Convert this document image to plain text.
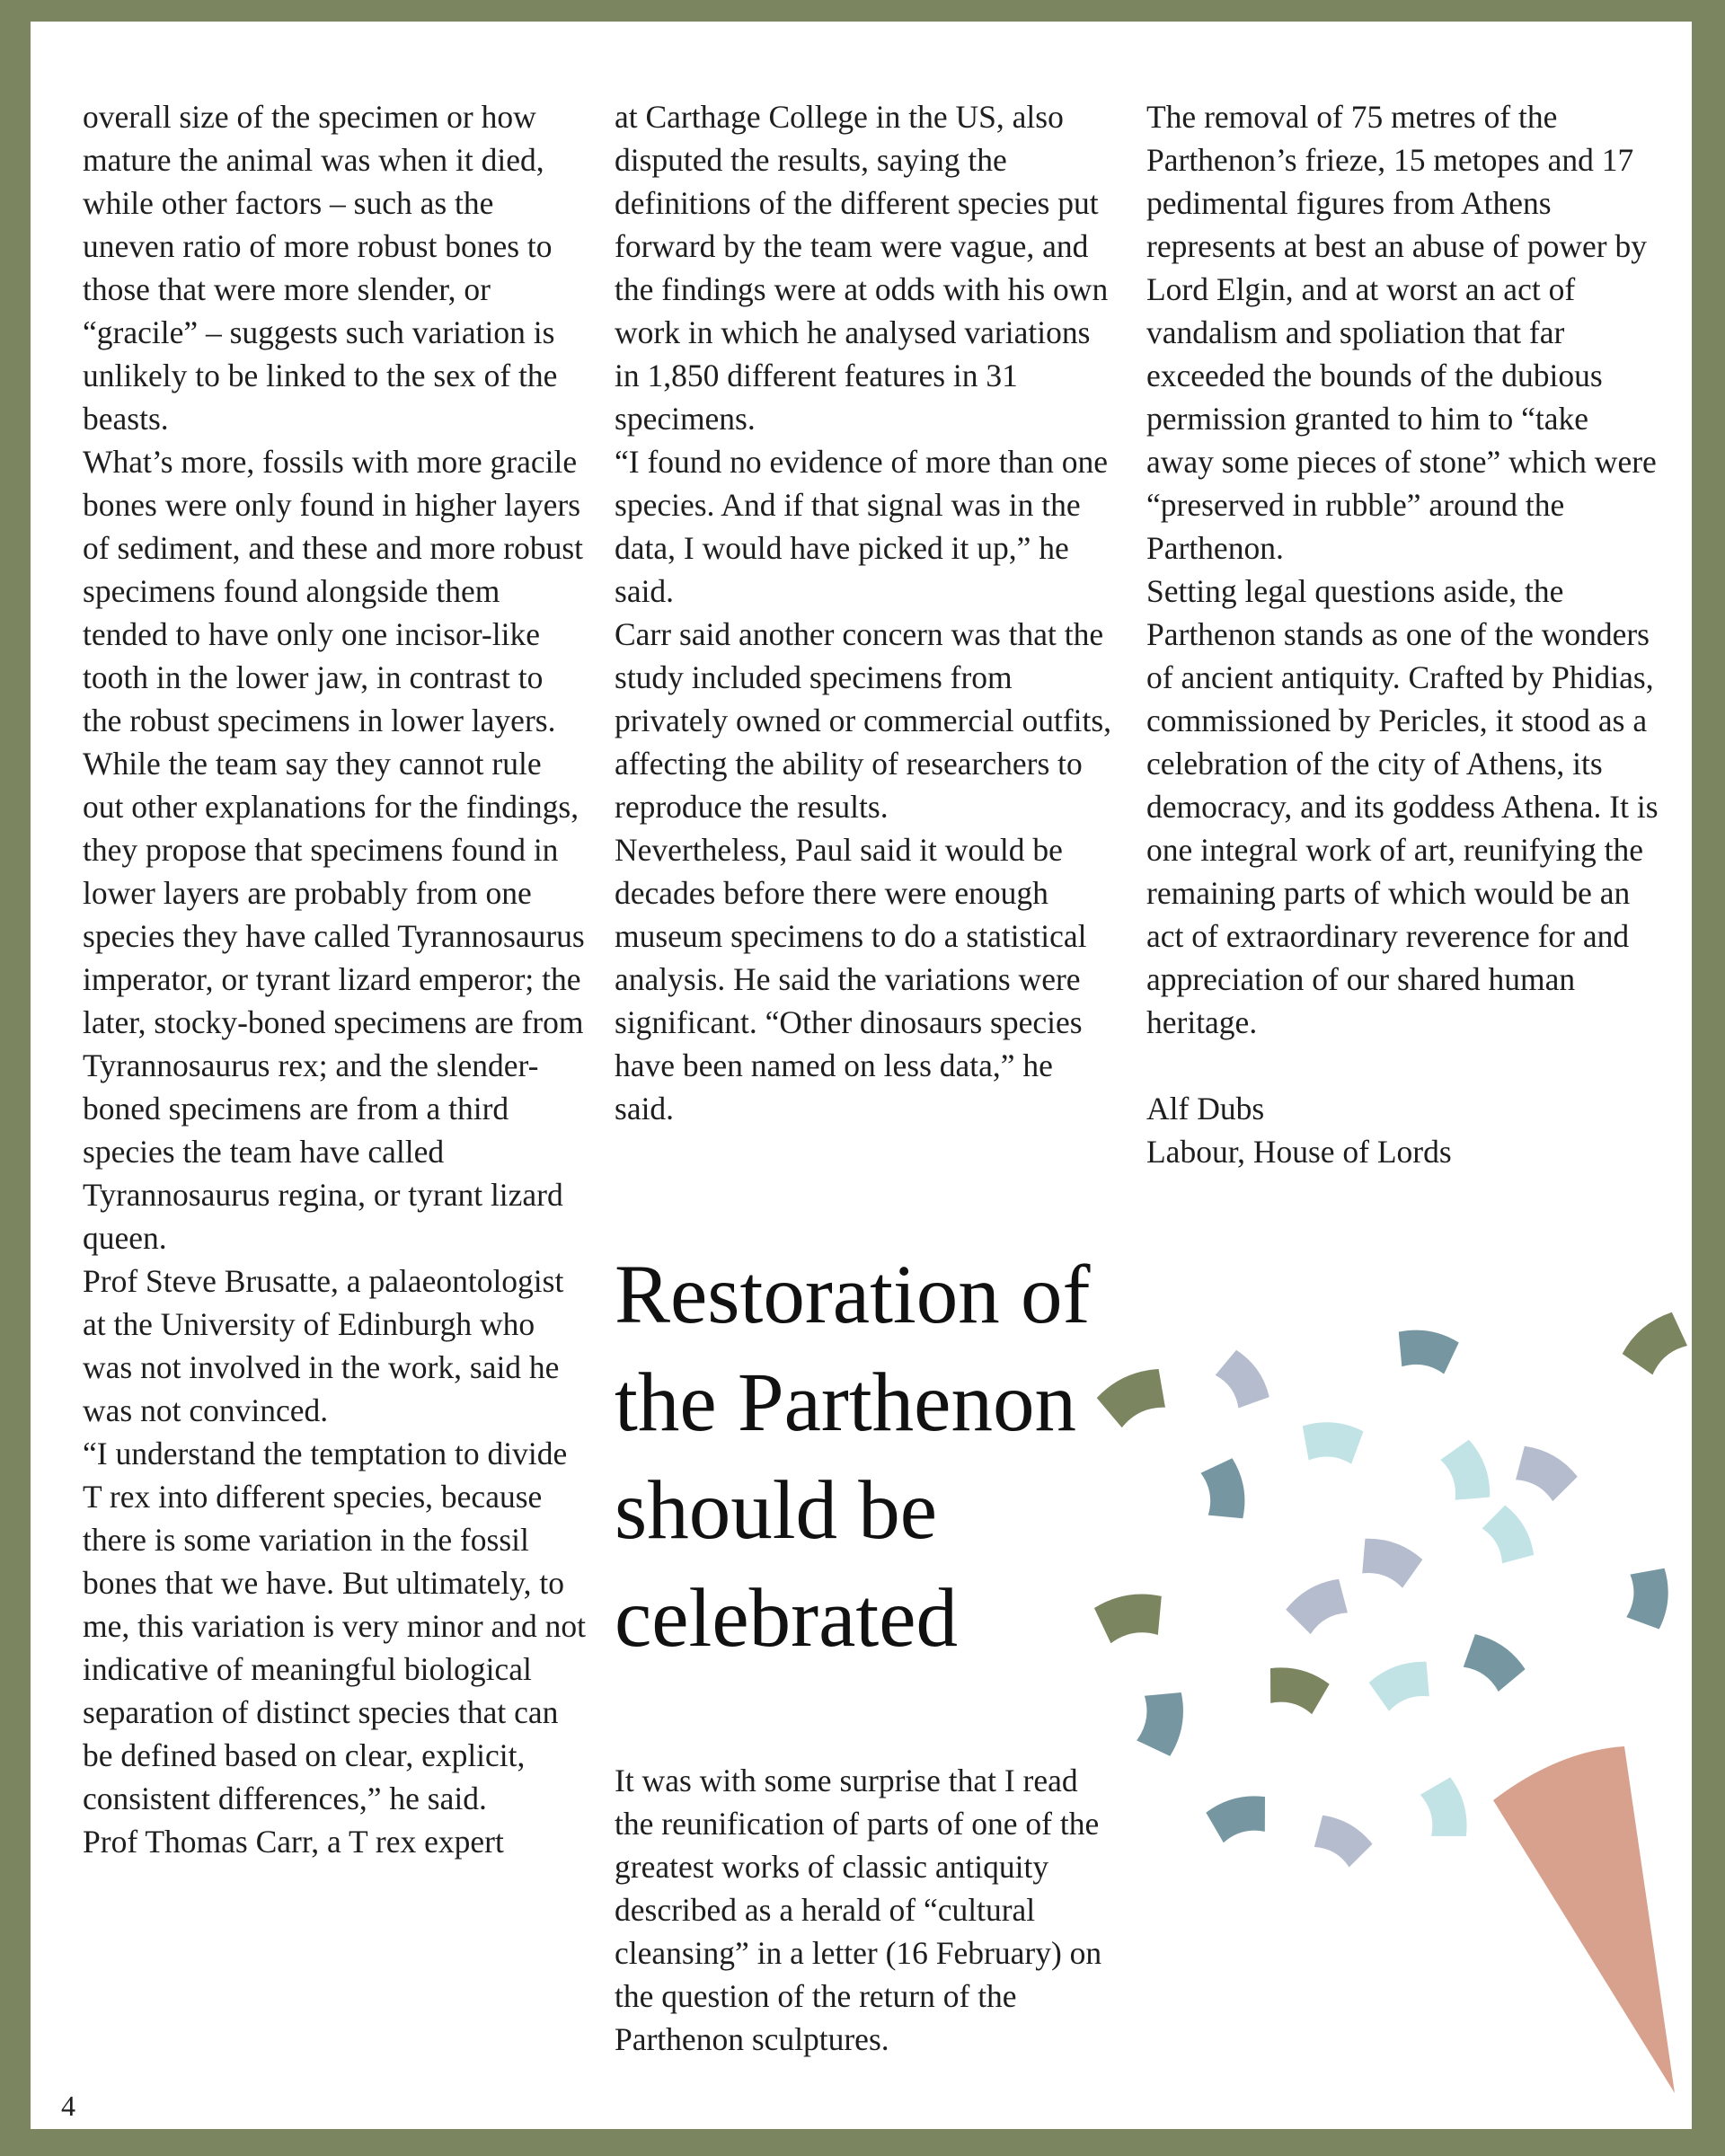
overall size of the specimen or how mature the animal was when it died, while other factors – such as the uneven ratio of more robust bones to those that were more slender, or “gracile” – suggests such variation is unlikely to be linked to the sex of the beasts.

What’s more, fossils with more gracile bones were only found in higher layers of sediment, and these and more robust specimens found alongside them tended to have only one incisor-like tooth in the lower jaw, in contrast to the robust specimens in lower layers.

While the team say they cannot rule out other explanations for the findings, they propose that specimens found in lower layers are probably from one species they have called Tyrannosaurus imperator, or tyrant lizard emperor; the later, stocky-boned specimens are from Tyrannosaurus rex; and the slender-boned specimens are from a third species the team have called Tyrannosaurus regina, or tyrant lizard queen.

Prof Steve Brusatte, a palaeontologist at the University of Edinburgh who was not involved in the work, said he was not convinced.

“I understand the temptation to divide T rex into different species, because there is some variation in the fossil bones that we have. But ultimately, to me, this variation is very minor and not indicative of meaningful biological separation of distinct species that can be defined based on clear, explicit, consistent differences,” he said.

Prof Thomas Carr, a T rex expert

at Carthage College in the US, also disputed the results, saying the definitions of the different species put forward by the team were vague, and the findings were at odds with his own work in which he analysed variations in 1,850 different features in 31 specimens.

“I found no evidence of more than one species. And if that signal was in the data, I would have picked it up,” he said.

Carr said another concern was that the study included specimens from privately owned or commercial outfits, affecting the ability of researchers to reproduce the results.

Nevertheless, Paul said it would be decades before there were enough museum specimens to do a statistical analysis. He said the variations were significant. “Other dinosaurs species have been named on less data,” he said.

Restoration of the Parthenon should be celebrated

It was with some surprise that I read the reunification of parts of one of the greatest works of classic antiquity described as a herald of “cultural cleansing” in a letter (16 February) on the question of the return of the Parthenon sculptures.

The removal of 75 metres of the Parthenon’s frieze, 15 metopes and 17 pedimental figures from Athens represents at best an abuse of power by Lord Elgin, and at worst an act of vandalism and spoliation that far exceeded the bounds of the dubious permission granted to him to “take away some pieces of stone” which were “preserved in rubble” around the Parthenon.

Setting legal questions aside, the Parthenon stands as one of the wonders of ancient antiquity. Crafted by Phidias, commissioned by Pericles, it stood as a celebration of the city of Athens, its democracy, and its goddess Athena. It is one integral work of art, reunifying the remaining parts of which would be an act of extraordinary reverence for and appreciation of our shared human heritage.

Alf Dubs

Labour, House of Lords

4
